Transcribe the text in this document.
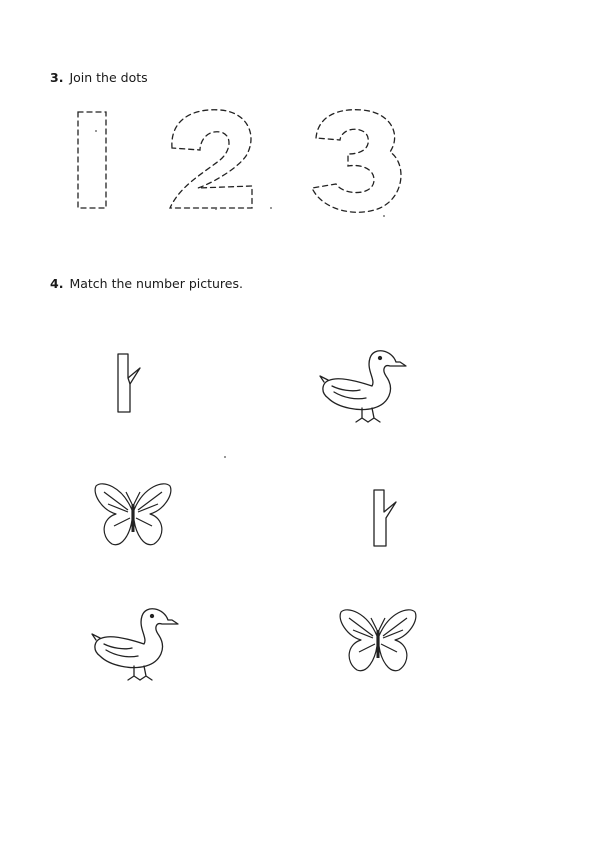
3. Join the dots
4. Match the number pictures.
